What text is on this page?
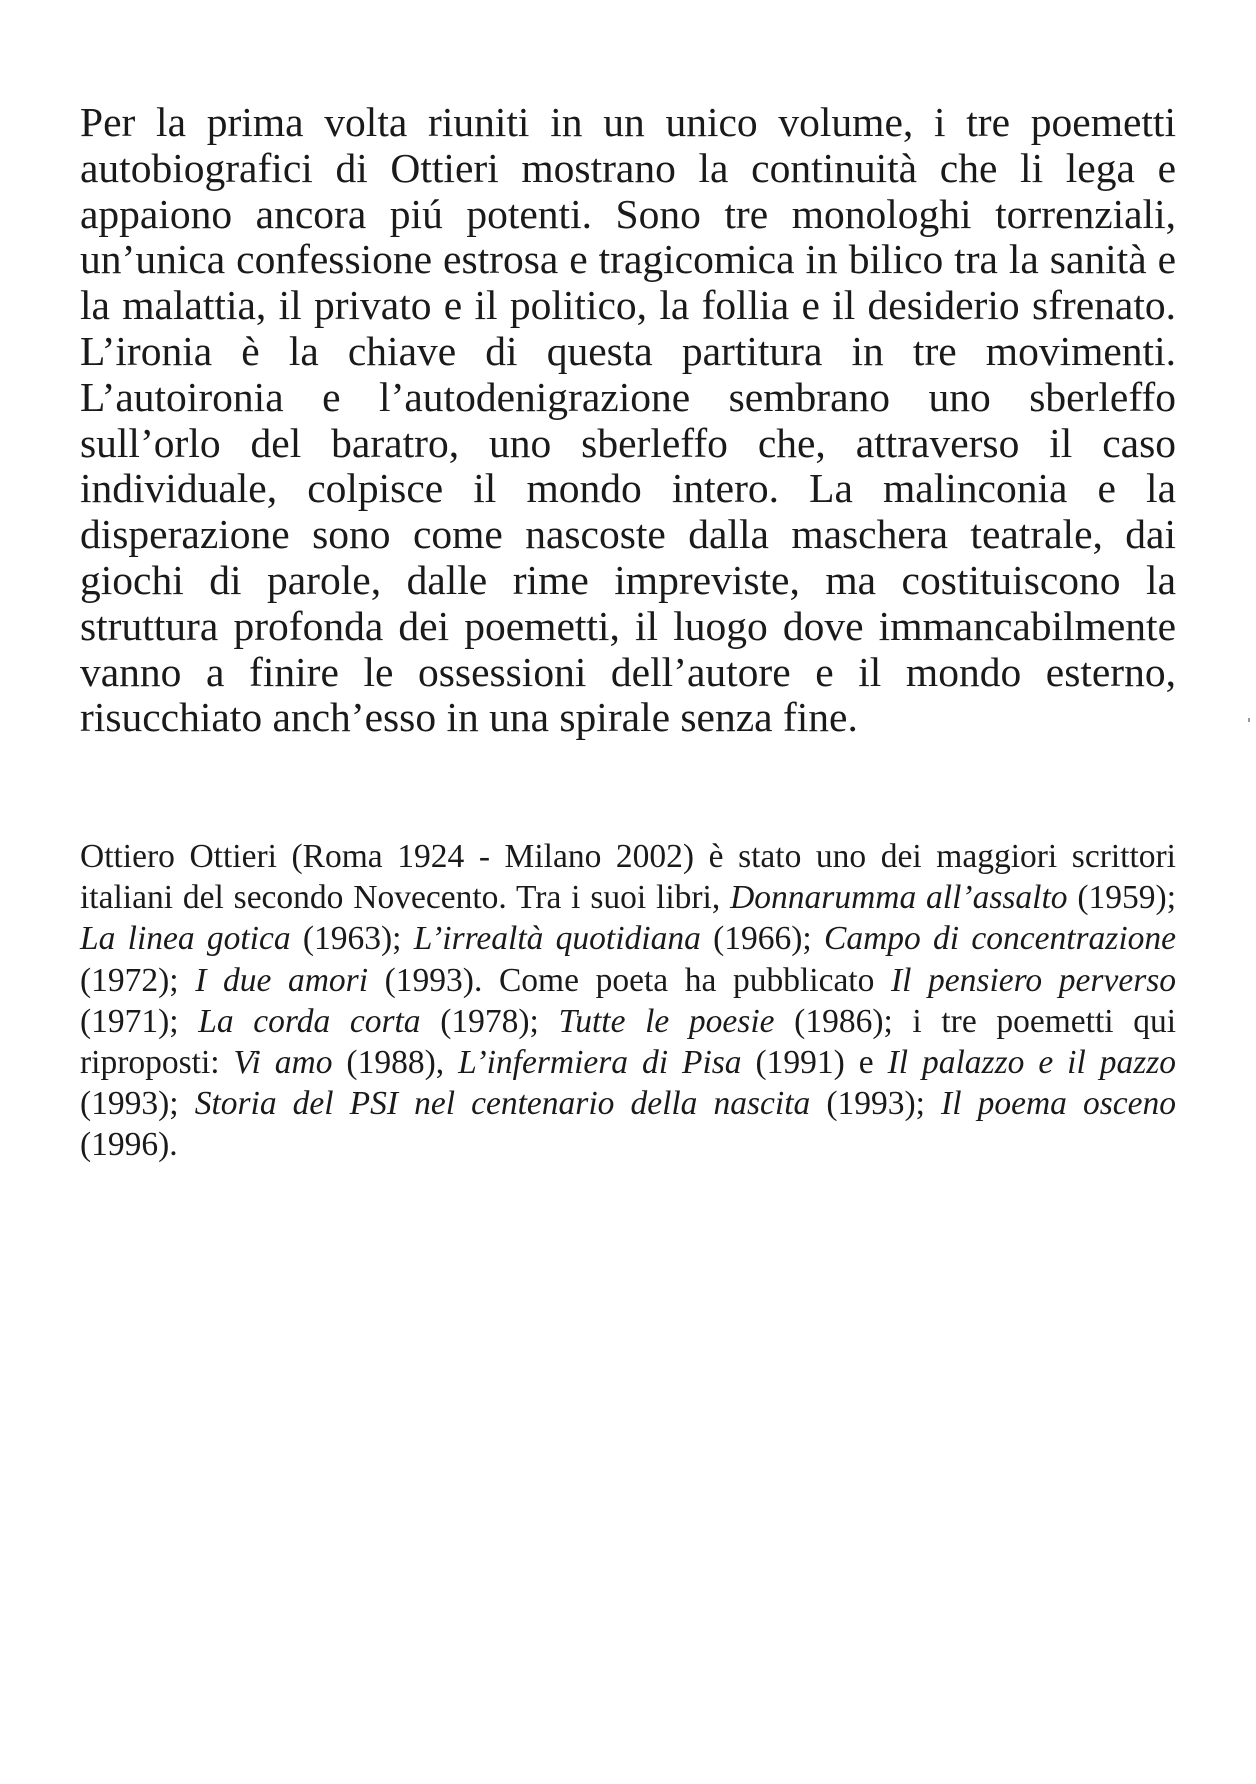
Per la prima volta riuniti in un unico volume, i tre poemetti autobiografici di Ottieri mostrano la continuità che li lega e appaiono ancora piú potenti. Sono tre monologhi torrenziali, un’unica confessione estrosa e tragicomica in bilico tra la sanità e la malattia, il privato e il politico, la follia e il desiderio sfrenato. L’ironia è la chiave di questa partitura in tre movimenti. L’autoironia e l’autodenigrazione sembrano uno sberleffo sull’orlo del baratro, uno sberleffo che, attraverso il caso individuale, colpisce il mondo intero. La malinconia e la disperazione sono come nascoste dalla maschera teatrale, dai giochi di parole, dalle rime impreviste, ma costituiscono la struttura profonda dei poemetti, il luogo dove immancabilmente vanno a finire le ossessioni dell’autore e il mondo esterno, risucchiato anch’esso in una spirale senza fine.

Ottiero Ottieri (Roma 1924 - Milano 2002) è stato uno dei maggiori scrittori italiani del secondo Novecento. Tra i suoi libri, Donnarumma all’assalto (1959); La linea gotica (1963); L’irrealtà quotidiana (1966); Campo di concentrazione (1972); I due amori (1993). Come poeta ha pubblicato Il pensiero perverso (1971); La corda corta (1978); Tutte le poesie (1986); i tre poemetti qui riproposti: Vi amo (1988), L’infermiera di Pisa (1991) e Il palazzo e il pazzo (1993); Storia del PSI nel centenario della nascita (1993); Il poema osceno (1996).
